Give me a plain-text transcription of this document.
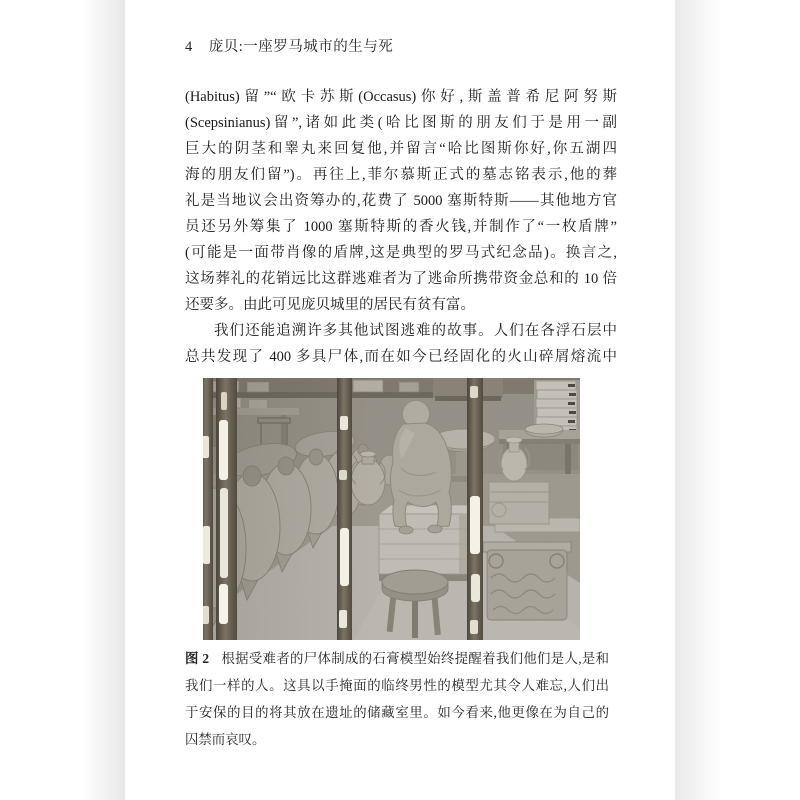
4 庞贝:一座罗马城市的生与死
(Habitus)留”“欧卡苏斯(Occasus)你好,斯盖普希尼阿努斯
(Scepsinianus)留”,诸如此类(哈比图斯的朋友们于是用一副
巨大的阴茎和睾丸来回复他,并留言“哈比图斯你好,你五湖四
海的朋友们留”)。再往上,菲尔慕斯正式的墓志铭表示,他的葬
礼是当地议会出资筹办的,花费了 5000 塞斯特斯——其他地方官
员还另外筹集了 1000 塞斯特斯的香火钱,并制作了“一枚盾牌”
(可能是一面带肖像的盾牌,这是典型的罗马式纪念品)。换言之,
这场葬礼的花销远比这群逃难者为了逃命所携带资金总和的 10 倍
还要多。由此可见庞贝城里的居民有贫有富。
我们还能追溯许多其他试图逃难的故事。人们在各浮石层中
总共发现了 400 多具尸体,而在如今已经固化的火山碎屑熔流中
图 2 根据受难者的尸体制成的石膏模型始终提醒着我们他们是人,是和
我们一样的人。这具以手掩面的临终男性的模型尤其令人难忘,人们出
于安保的目的将其放在遗址的储藏室里。如今看来,他更像在为自己的
囚禁而哀叹。
